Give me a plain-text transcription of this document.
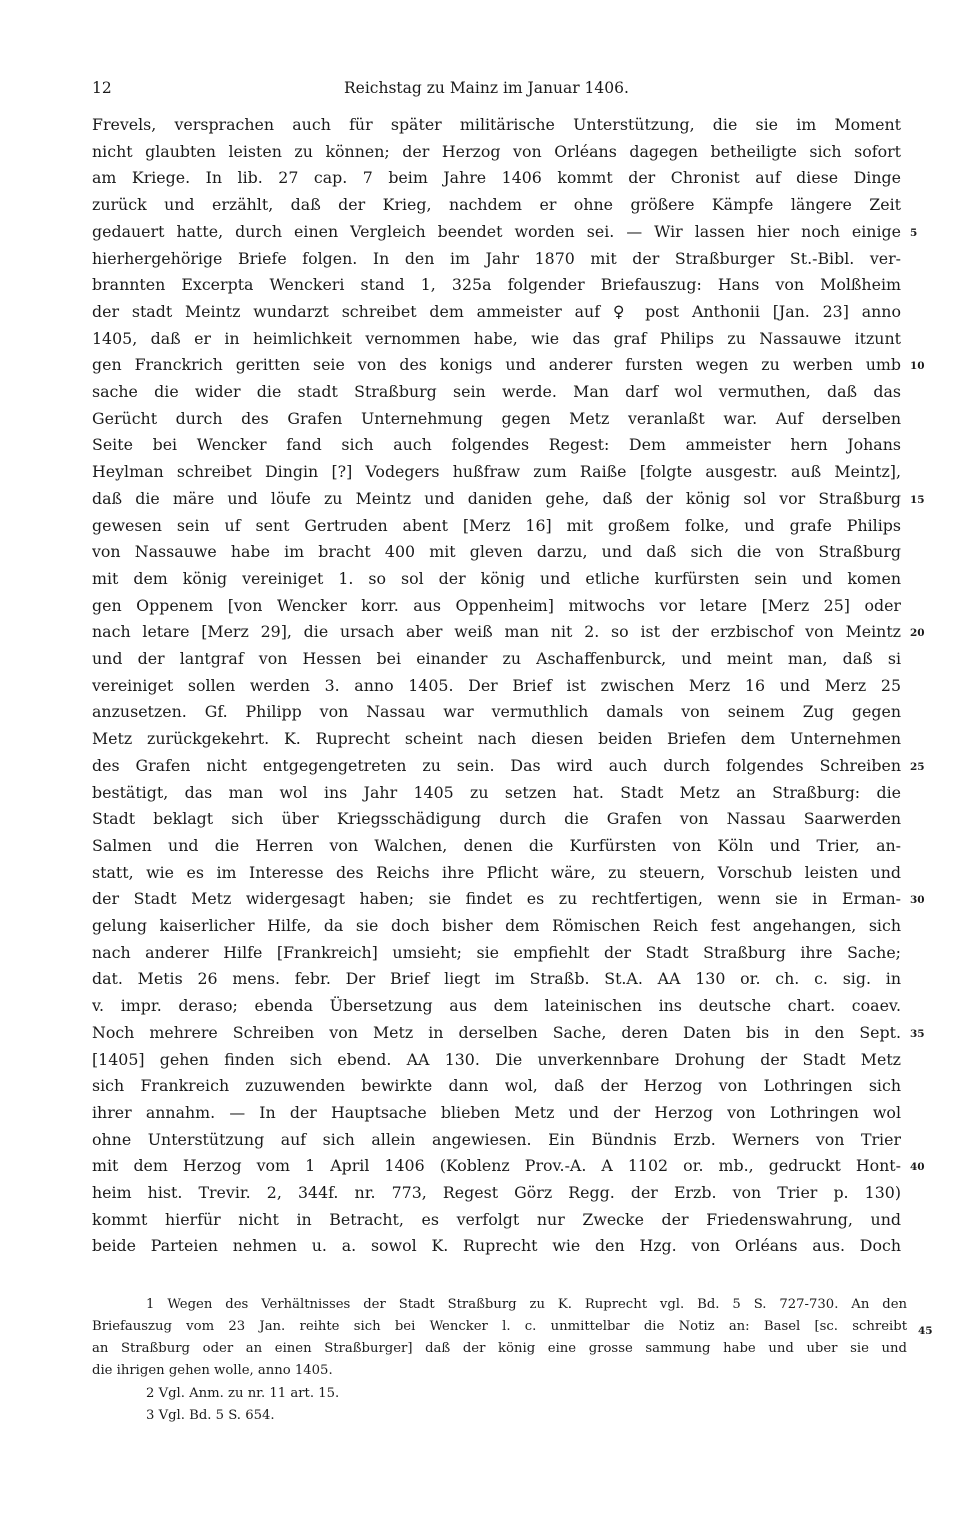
12	Reichstag zu Mainz im Januar 1406.
Frevels, versprachen auch für später militärische Unterstützung, die sie im Moment
nicht glaubten leisten zu können; der Herzog von Orléans dagegen betheiligte sich sofort
am Kriege. In lib. 27 cap. 7 beim Jahre 1406 kommt der Chronist auf diese Dinge
zurück und erzählt, daß der Krieg, nachdem er ohne größere Kämpfe längere Zeit
gedauert hatte, durch einen Vergleich beendet worden sei. — Wir lassen hier noch einige
hierhergehörige Briefe folgen. In den im Jahr 1870 mit der Straßburger St.-Bibl. ver-
brannten Excerpta Wenckeri stand 1, 325a folgender Briefauszug: Hans von Molßheim
der stadt Meintz wundarzt schreibet dem ammeister auf ♀ post Anthonii [Jan. 23] anno
1405, daß er in heimlichkeit vernommen habe, wie das graf Philips zu Nassauwe itzunt
gen Franckrich geritten seie von des konigs und anderer fursten wegen zu werben umb
sache die wider die stadt Straßburg sein werde. Man darf wol vermuthen, daß das
Gerücht durch des Grafen Unternehmung gegen Metz veranlaßt war. Auf derselben
Seite bei Wencker fand sich auch folgendes Regest: Dem ammeister hern Johans
Heylman schreibet Dingin [?] Vodegers hußfraw zum Raiße [folgte ausgestr. auß Meintz],
daß die märe und löufe zu Meintz und daniden gehe, daß der könig sol vor Straßburg
gewesen sein uf sent Gertruden abent [Merz 16] mit großem folke, und grafe Philips
von Nassauwe habe im bracht 400 mit gleven darzu, und daß sich die von Straßburg
mit dem könig vereiniget 1. so sol der könig und etliche kurfürsten sein und komen
gen Oppenem [von Wencker korr. aus Oppenheim] mitwochs vor letare [Merz 25] oder
nach letare [Merz 29], die ursach aber weiß man nit 2. so ist der erzbischof von Meintz
und der lantgraf von Hessen bei einander zu Aschaffenburck, und meint man, daß si
vereiniget sollen werden 3. anno 1405. Der Brief ist zwischen Merz 16 und Merz 25
anzusetzen. Gf. Philipp von Nassau war vermuthlich damals von seinem Zug gegen
Metz zurückgekehrt. K. Ruprecht scheint nach diesen beiden Briefen dem Unternehmen
des Grafen nicht entgegengetreten zu sein. Das wird auch durch folgendes Schreiben
bestätigt, das man wol ins Jahr 1405 zu setzen hat. Stadt Metz an Straßburg: die
Stadt beklagt sich über Kriegsschädigung durch die Grafen von Nassau Saarwerden
Salmen und die Herren von Walchen, denen die Kurfürsten von Köln und Trier, an-
statt, wie es im Interesse des Reichs ihre Pflicht wäre, zu steuern, Vorschub leisten und
der Stadt Metz widergesagt haben; sie findet es zu rechtfertigen, wenn sie in Erman-
gelung kaiserlicher Hilfe, da sie doch bisher dem Römischen Reich fest angehangen, sich
nach anderer Hilfe [Frankreich] umsieht; sie empfiehlt der Stadt Straßburg ihre Sache;
dat. Metis 26 mens. febr. Der Brief liegt im Straßb. St.A. AA 130 or. ch. c. sig. in
v. impr. deraso; ebenda Übersetzung aus dem lateinischen ins deutsche chart. coaev.
Noch mehrere Schreiben von Metz in derselben Sache, deren Daten bis in den Sept.
[1405] gehen finden sich ebend. AA 130. Die unverkennbare Drohung der Stadt Metz
sich Frankreich zuzuwenden bewirkte dann wol, daß der Herzog von Lothringen sich
ihrer annahm. — In der Hauptsache blieben Metz und der Herzog von Lothringen wol
ohne Unterstützung auf sich allein angewiesen. Ein Bündnis Erzb. Werners von Trier
mit dem Herzog vom 1 April 1406 (Koblenz Prov.-A. A 1102 or. mb., gedruckt Hont-
heim hist. Trevir. 2, 344f. nr. 773, Regest Görz Regg. der Erzb. von Trier p. 130)
kommt hierfür nicht in Betracht, es verfolgt nur Zwecke der Friedenswahrung, und
beide Parteien nehmen u. a. sowol K. Ruprecht wie den Hzg. von Orléans aus. Doch
5
10
15
20
25
30
35
40
1 Wegen des Verhältnisses der Stadt Straßburg zu K. Ruprecht vgl. Bd. 5 S. 727-730. An den
Briefauszug vom 23 Jan. reihte sich bei Wencker l. c. unmittelbar die Notiz an: Basel [sc. schreibt
an Straßburg oder an einen Straßburger] daß der könig eine grosse sammung habe und uber sie und
die ihrigen gehen wolle, anno 1405.
2 Vgl. Anm. zu nr. 11 art. 15.
3 Vgl. Bd. 5 S. 654.
45
